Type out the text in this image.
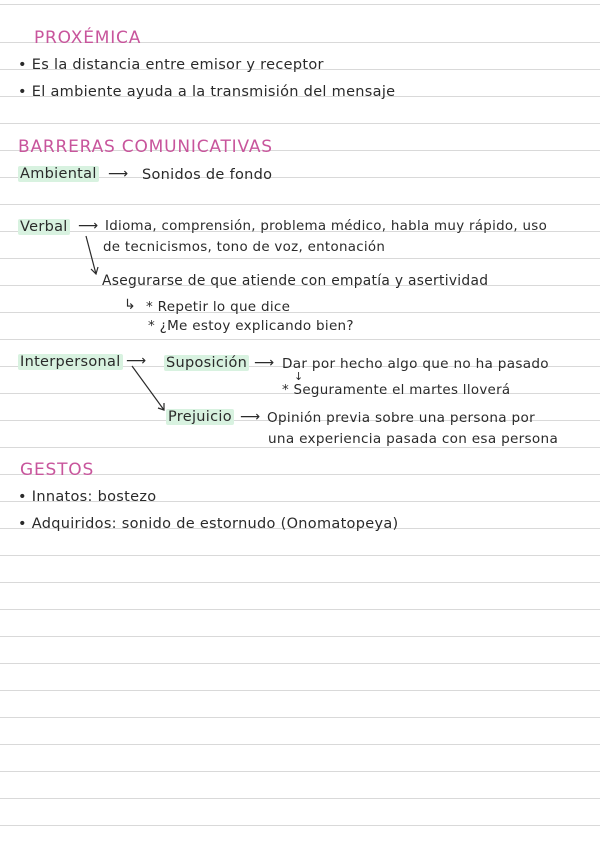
PROXÉMICA
• Es la distancia entre emisor y receptor
• El ambiente ayuda a la transmisión del mensaje
BARRERAS COMUNICATIVAS
Ambiental ⟶ Sonidos de fondo
Verbal ⟶ Idioma, comprensión, problema médico, habla muy rápido, uso
de tecnicismos, tono de voz, entonación
Asegurarse de que atiende con empatía y asertividad
↳ * Repetir lo que dice
* ¿Me estoy explicando bien?
Interpersonal ⟶ Suposición ⟶ Dar por hecho algo que no ha pasado
↓
* Seguramente el martes lloverá
Prejuicio ⟶ Opinión previa sobre una persona por
una experiencia pasada con esa persona
GESTOS
• Innatos: bostezo
• Adquiridos: sonido de estornudo (Onomatopeya)
